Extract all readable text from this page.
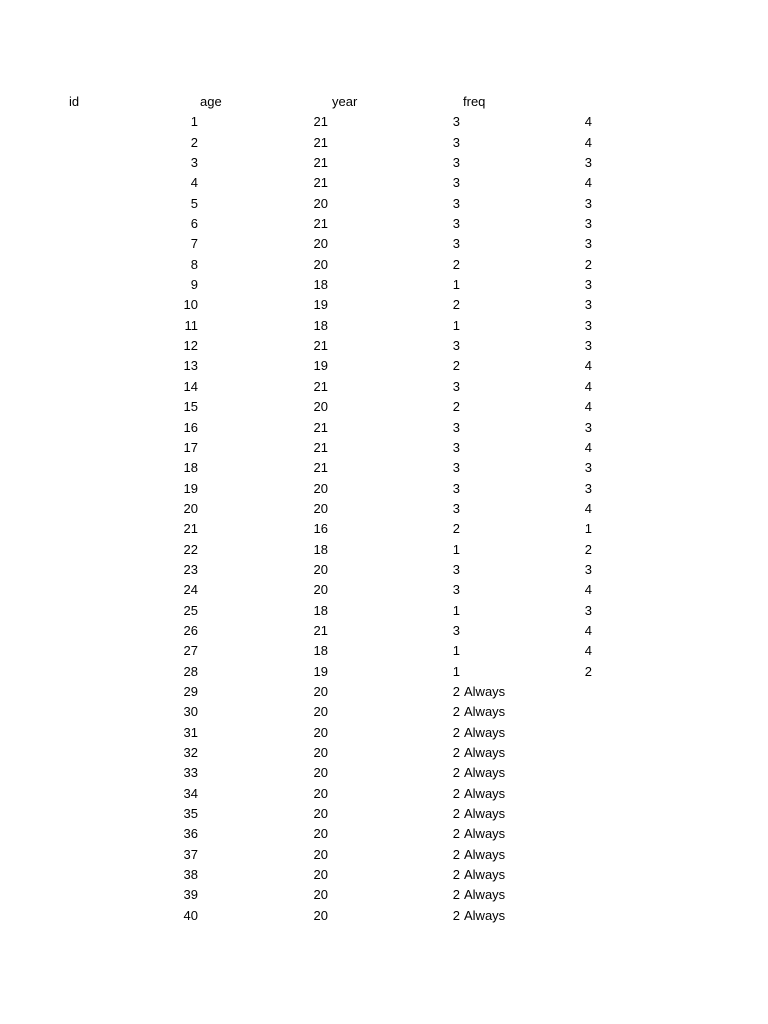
id	age	year	freq
1	21	3	4
2	21	3	4
3	21	3	3
4	21	3	4
5	20	3	3
6	21	3	3
7	20	3	3
8	20	2	2
9	18	1	3
10	19	2	3
11	18	1	3
12	21	3	3
13	19	2	4
14	21	3	4
15	20	2	4
16	21	3	3
17	21	3	4
18	21	3	3
19	20	3	3
20	20	3	4
21	16	2	1
22	18	1	2
23	20	3	3
24	20	3	4
25	18	1	3
26	21	3	4
27	18	1	4
28	19	1	2
29	20	2 Always
30	20	2 Always
31	20	2 Always
32	20	2 Always
33	20	2 Always
34	20	2 Always
35	20	2 Always
36	20	2 Always
37	20	2 Always
38	20	2 Always
39	20	2 Always
40	20	2 Always
